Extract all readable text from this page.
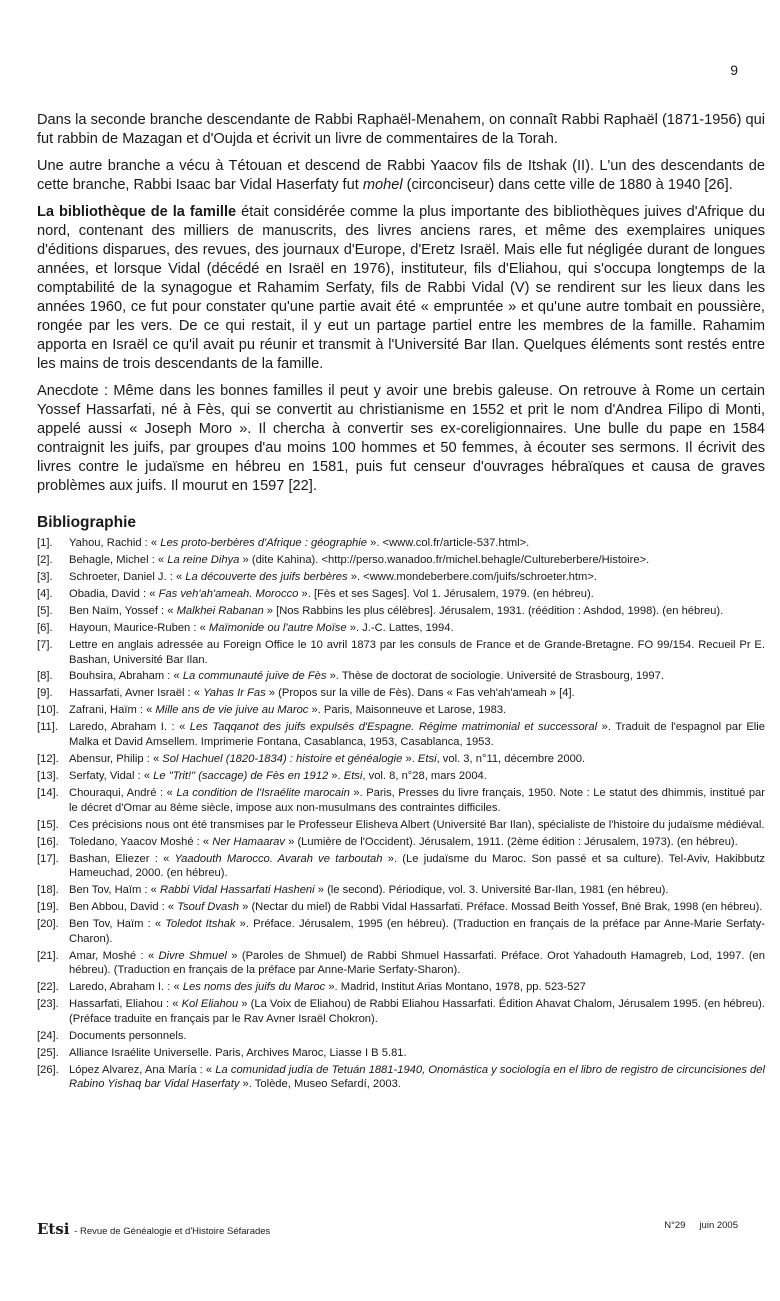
9

Dans la seconde branche descendante de Rabbi Raphaël-Menahem, on connaît Rabbi Raphaël (1871-1956) qui fut rabbin de Mazagan et d'Oujda et écrivit un livre de commentaires de la Torah.

Une autre branche a vécu à Tétouan et descend de Rabbi Yaacov fils de Itshak (II). L'un des descendants de cette branche, Rabbi Isaac bar Vidal Haserfaty fut mohel (circonciseur) dans cette ville de 1880 à 1940 [26].

La bibliothèque de la famille était considérée comme la plus importante des bibliothèques juives d'Afrique du nord, contenant des milliers de manuscrits, des livres anciens rares, et même des exemplaires uniques d'éditions disparues, des revues, des journaux d'Europe, d'Eretz Israël. Mais elle fut négligée durant de longues années, et lorsque Vidal (décédé en Israël en 1976), instituteur, fils d'Eliahou, qui s'occupa longtemps de la comptabilité de la synagogue et Rahamim Serfaty, fils de Rabbi Vidal (V) se rendirent sur les lieux dans les années 1960, ce fut pour constater qu'une partie avait été « empruntée » et qu'une autre tombait en poussière, rongée par les vers. De ce qui restait, il y eut un partage partiel entre les membres de la famille. Rahamim apporta en Israël ce qu'il avait pu réunir et transmit à l'Université Bar Ilan. Quelques éléments sont restés entre les mains de trois descendants de la famille.

Anecdote : Même dans les bonnes familles il peut y avoir une brebis galeuse. On retrouve à Rome un certain Yossef Hassarfati, né à Fès, qui se convertit au christianisme en 1552 et prit le nom d'Andrea Filipo di Monti, appelé aussi « Joseph Moro ». Il chercha à convertir ses ex-coreligionnaires. Une bulle du pape en 1584 contraignit les juifs, par groupes d'au moins 100 hommes et 50 femmes, à écouter ses sermons. Il écrivit des livres contre le judaïsme en hébreu en 1581, puis fut censeur d'ouvrages hébraïques et causa de graves problèmes aux juifs. Il mourut en 1597 [22].

Bibliographie
[1].	Yahou, Rachid : « Les proto-berbères d'Afrique : géographie ». <www.col.fr/article-537.html>.
[2].	Behagle, Michel : « La reine Dihya » (dite Kahina). <http://perso.wanadoo.fr/michel.behagle/Cultureberbere/Histoire>.
[3].	Schroeter, Daniel J. : « La découverte des juifs berbères ». <www.mondeberbere.com/juifs/schroeter.htm>.
[4].	Obadia, David : « Fas veh'ah'ameah. Morocco ». [Fès et ses Sages]. Vol 1. Jérusalem, 1979. (en hébreu).
[5].	Ben Naïm, Yossef : « Malkhei Rabanan » [Nos Rabbins les plus célèbres]. Jérusalem, 1931. (réédition : Ashdod, 1998). (en hébreu).
[6].	Hayoun, Maurice-Ruben : « Maïmonide ou l'autre Moïse ». J.-C. Lattes, 1994.
[7].	Lettre en anglais adressée au Foreign Office le 10 avril 1873 par les consuls de France et de Grande-Bretagne. FO 99/154. Recueil Pr E. Bashan, Université Bar Ilan.
[8].	Bouhsira, Abraham : « La communauté juive de Fès ». Thèse de doctorat de sociologie. Université de Strasbourg, 1997.
[9].	Hassarfati, Avner Israël : « Yahas Ir Fas » (Propos sur la ville de Fès). Dans « Fas veh'ah'ameah » [4].
[10]. Zafrani, Haïm : « Mille ans de vie juive au Maroc ». Paris, Maisonneuve et Larose, 1983.
[11]. Laredo, Abraham I. : « Les Taqqanot des juifs expulsés d'Espagne. Régime matrimonial et successoral ». Traduit de l'espagnol par Elie Malka et David Amsellem. Imprimerie Fontana, Casablanca, 1953, Casablanca, 1953.
[12]. Abensur, Philip : « Sol Hachuel (1820-1834) : histoire et généalogie ». Etsi, vol. 3, n°11, décembre 2000.
[13]. Serfaty, Vidal : « Le "Trit!" (saccage) de Fès en 1912 ». Etsi, vol. 8, n°28, mars 2004.
[14]. Chouraqui, André : « La condition de l'Israélite marocain ». Paris, Presses du livre français, 1950. Note : Le statut des dhimmis, institué par le décret d'Omar au 8ème siècle, impose aux non-musulmans des contraintes difficiles.
[15]. Ces précisions nous ont été transmises par le Professeur Elisheva Albert (Université Bar Ilan), spécialiste de l'histoire du judaïsme médiéval.
[16]. Toledano, Yaacov Moshé : « Ner Hamaarav » (Lumière de l'Occident). Jérusalem, 1911. (2ème édition : Jérusalem, 1973). (en hébreu).
[17]. Bashan, Eliezer : « Yaadouth Marocco. Avarah ve tarboutah ». (Le judaïsme du Maroc. Son passé et sa culture). Tel-Aviv, Hakibbutz Hameuchad, 2000. (en hébreu).
[18]. Ben Tov, Haïm : « Rabbi Vidal Hassarfati Hasheni » (le second). Périodique, vol. 3. Université Bar-Ilan, 1981 (en hébreu).
[19]. Ben Abbou, David : « Tsouf Dvash » (Nectar du miel) de Rabbi Vidal Hassarfati. Préface. Mossad Beith Yossef, Bné Brak, 1998 (en hébreu).
[20]. Ben Tov, Haïm : « Toledot Itshak ». Préface. Jérusalem, 1995 (en hébreu). (Traduction en français de la préface par Anne-Marie Serfaty-Charon).
[21]. Amar, Moshé : « Divre Shmuel » (Paroles de Shmuel) de Rabbi Shmuel Hassarfati. Préface. Orot Yahadouth Hamagreb, Lod, 1997. (en hébreu). (Traduction en français de la préface par Anne-Marie Serfaty-Sharon).
[22]. Laredo, Abraham I. : « Les noms des juifs du Maroc ». Madrid, Institut Arias Montano, 1978, pp. 523-527
[23]. Hassarfati, Eliahou : « Kol Eliahou » (La Voix de Eliahou) de Rabbi Eliahou Hassarfati. Édition Ahavat Chalom, Jérusalem 1995. (en hébreu). (Préface traduite en français par le Rav Avner Israël Chokron).
[24]. Documents personnels.
[25]. Alliance Israélite Universelle. Paris, Archives Maroc, Liasse I B 5.81.
[26]. López Alvarez, Ana María : « La comunidad judía de Tetuán 1881-1940, Onomástica y sociología en el libro de registro de circuncisiones del Rabino Yishaq bar Vidal Haserfaty ». Tolède, Museo Sefardí, 2003.
Etsi - Revue de Généalogie et d'Histoire Séfarades
N°29 juin 2005
